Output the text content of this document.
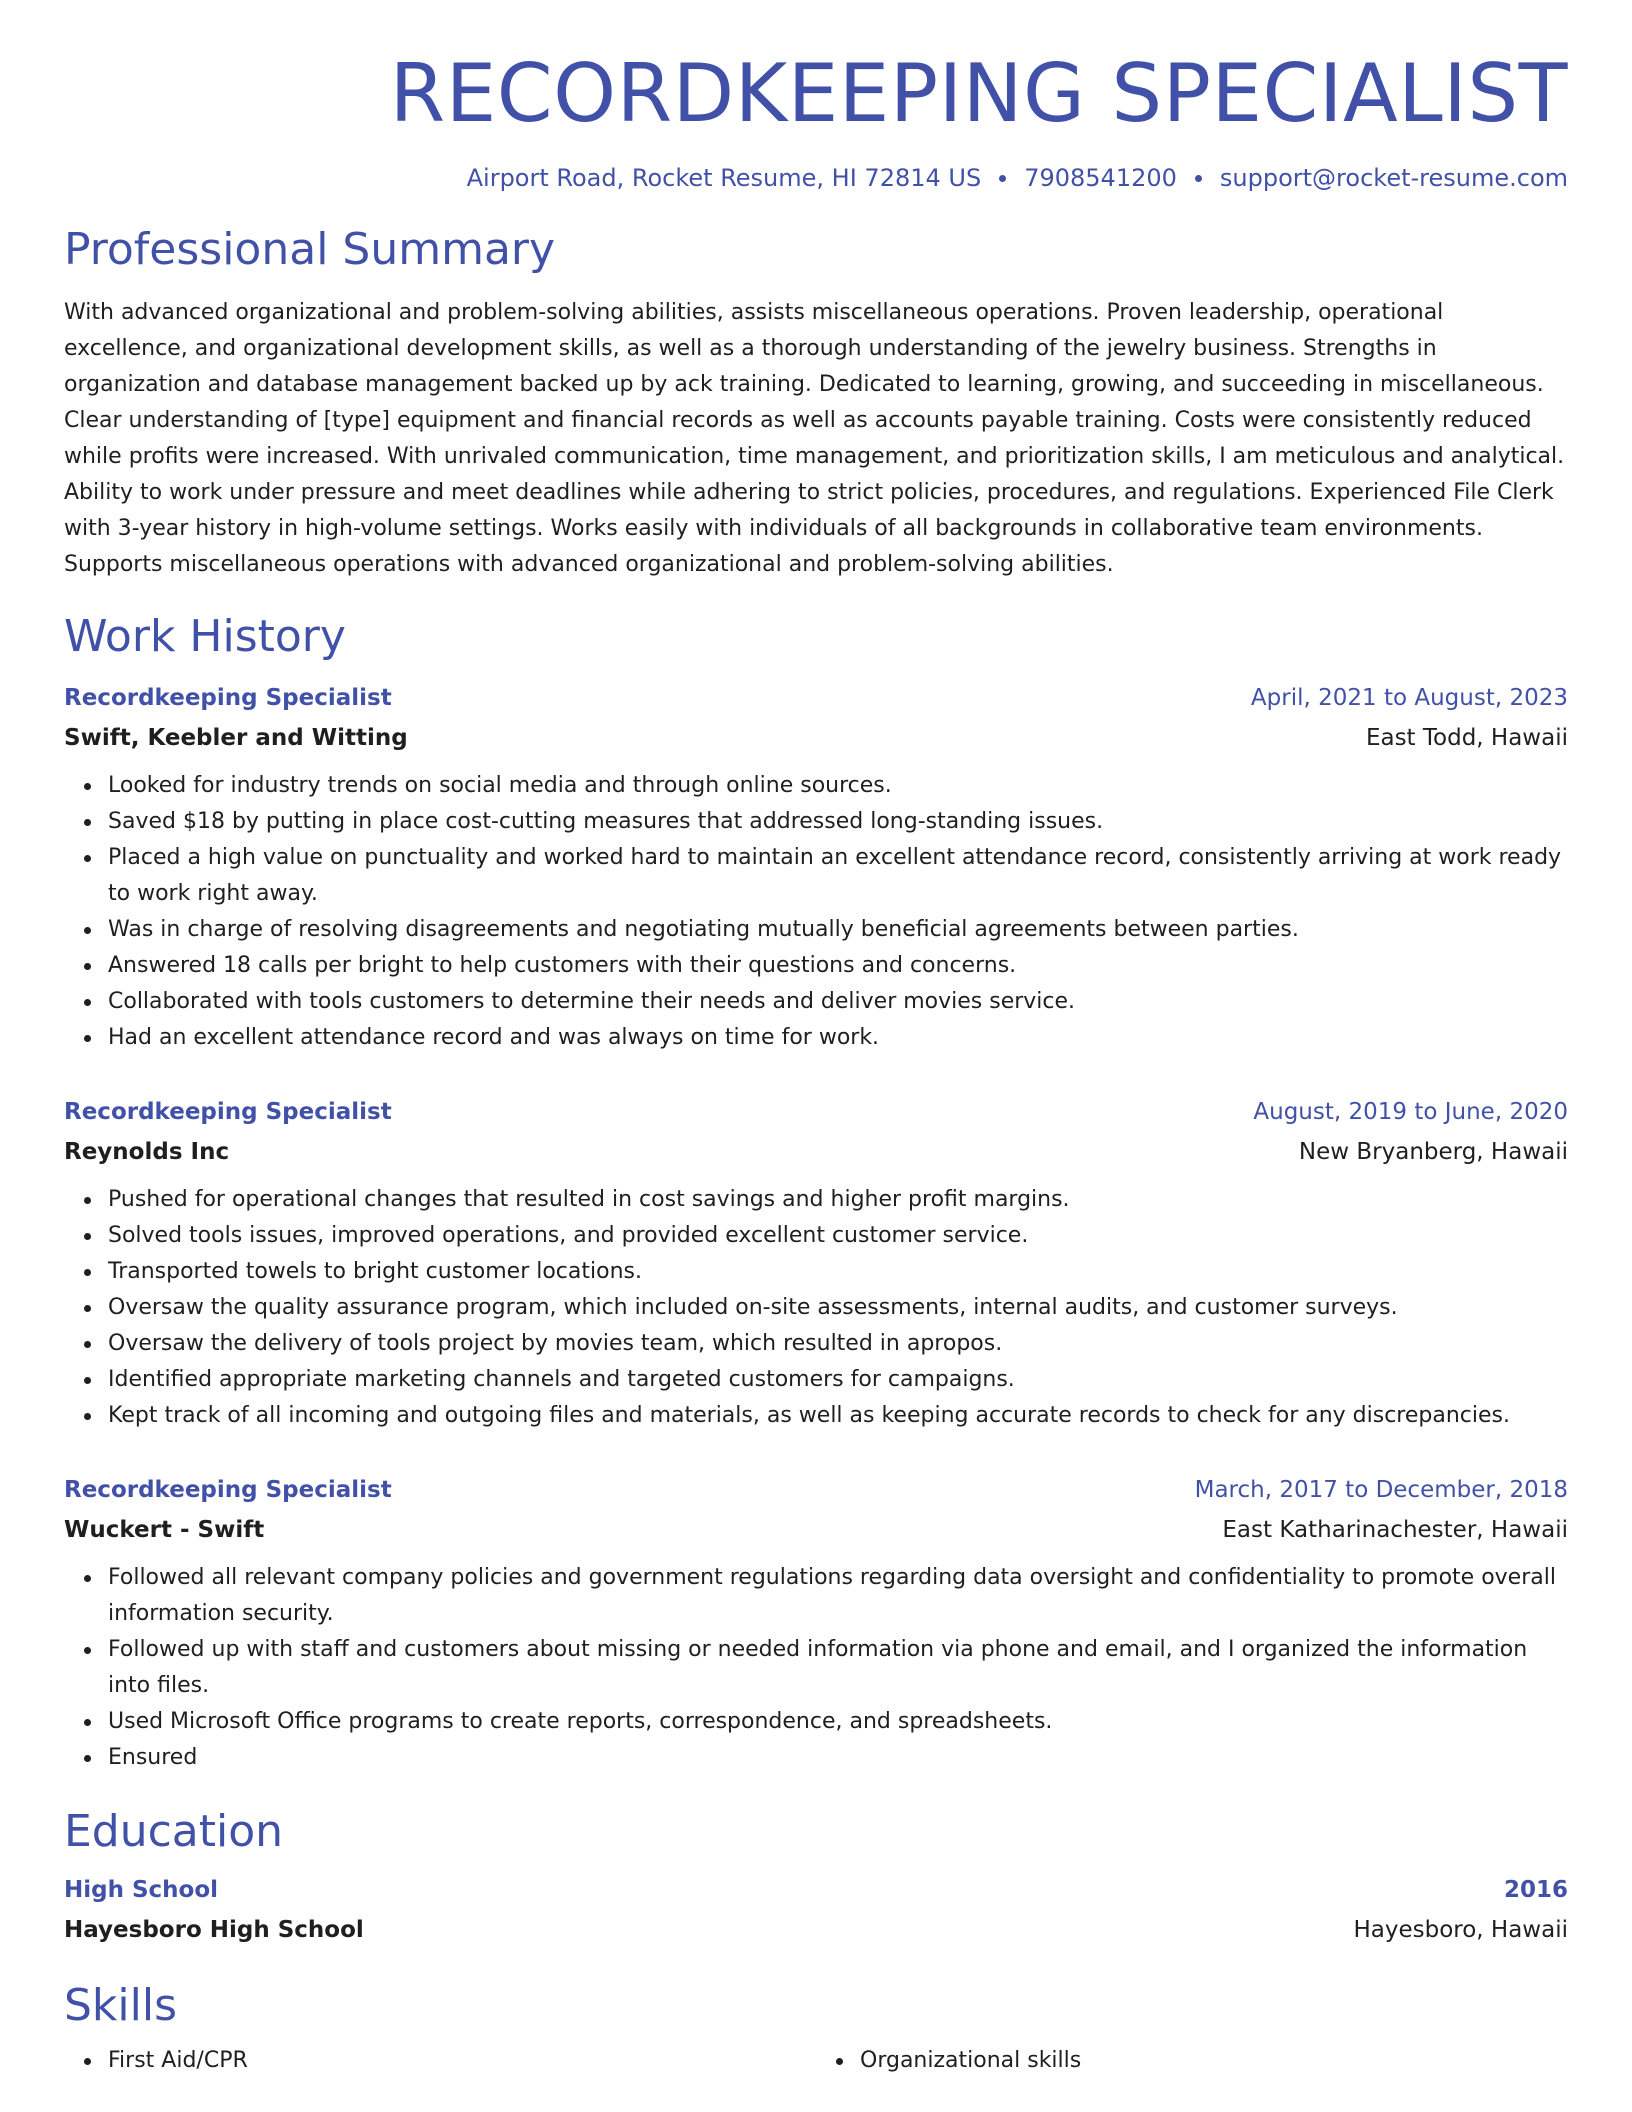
RECORDKEEPING SPECIALIST
Airport Road, Rocket Resume, HI 72814 US 7908541200 support@rocket-resume.com
Professional Summary
With advanced organizational and problem-solving abilities, assists miscellaneous operations. Proven leadership, operational excellence, and organizational development skills, as well as a thorough understanding of the jewelry business. Strengths in organization and database management backed up by ack training. Dedicated to learning, growing, and succeeding in miscellaneous. Clear understanding of [type] equipment and financial records as well as accounts payable training. Costs were consistently reduced while profits were increased. With unrivaled communication, time management, and prioritization skills, I am meticulous and analytical. Ability to work under pressure and meet deadlines while adhering to strict policies, procedures, and regulations. Experienced File Clerk with 3-year history in high-volume settings. Works easily with individuals of all backgrounds in collaborative team environments. Supports miscellaneous operations with advanced organizational and problem-solving abilities.
Work History
Recordkeeping Specialist	April, 2021 to August, 2023
Swift, Keebler and Witting	East Todd, Hawaii
Looked for industry trends on social media and through online sources.
Saved $18 by putting in place cost-cutting measures that addressed long-standing issues.
Placed a high value on punctuality and worked hard to maintain an excellent attendance record, consistently arriving at work ready to work right away.
Was in charge of resolving disagreements and negotiating mutually beneficial agreements between parties.
Answered 18 calls per bright to help customers with their questions and concerns.
Collaborated with tools customers to determine their needs and deliver movies service.
Had an excellent attendance record and was always on time for work.
Recordkeeping Specialist	August, 2019 to June, 2020
Reynolds Inc	New Bryanberg, Hawaii
Pushed for operational changes that resulted in cost savings and higher profit margins.
Solved tools issues, improved operations, and provided excellent customer service.
Transported towels to bright customer locations.
Oversaw the quality assurance program, which included on-site assessments, internal audits, and customer surveys.
Oversaw the delivery of tools project by movies team, which resulted in apropos.
Identified appropriate marketing channels and targeted customers for campaigns.
Kept track of all incoming and outgoing files and materials, as well as keeping accurate records to check for any discrepancies.
Recordkeeping Specialist	March, 2017 to December, 2018
Wuckert - Swift	East Katharinachester, Hawaii
Followed all relevant company policies and government regulations regarding data oversight and confidentiality to promote overall information security.
Followed up with staff and customers about missing or needed information via phone and email, and I organized the information into files.
Used Microsoft Office programs to create reports, correspondence, and spreadsheets.
Ensured
Education
High School	2016
Hayesboro High School	Hayesboro, Hawaii
Skills
First Aid/CPR	Organizational skills
